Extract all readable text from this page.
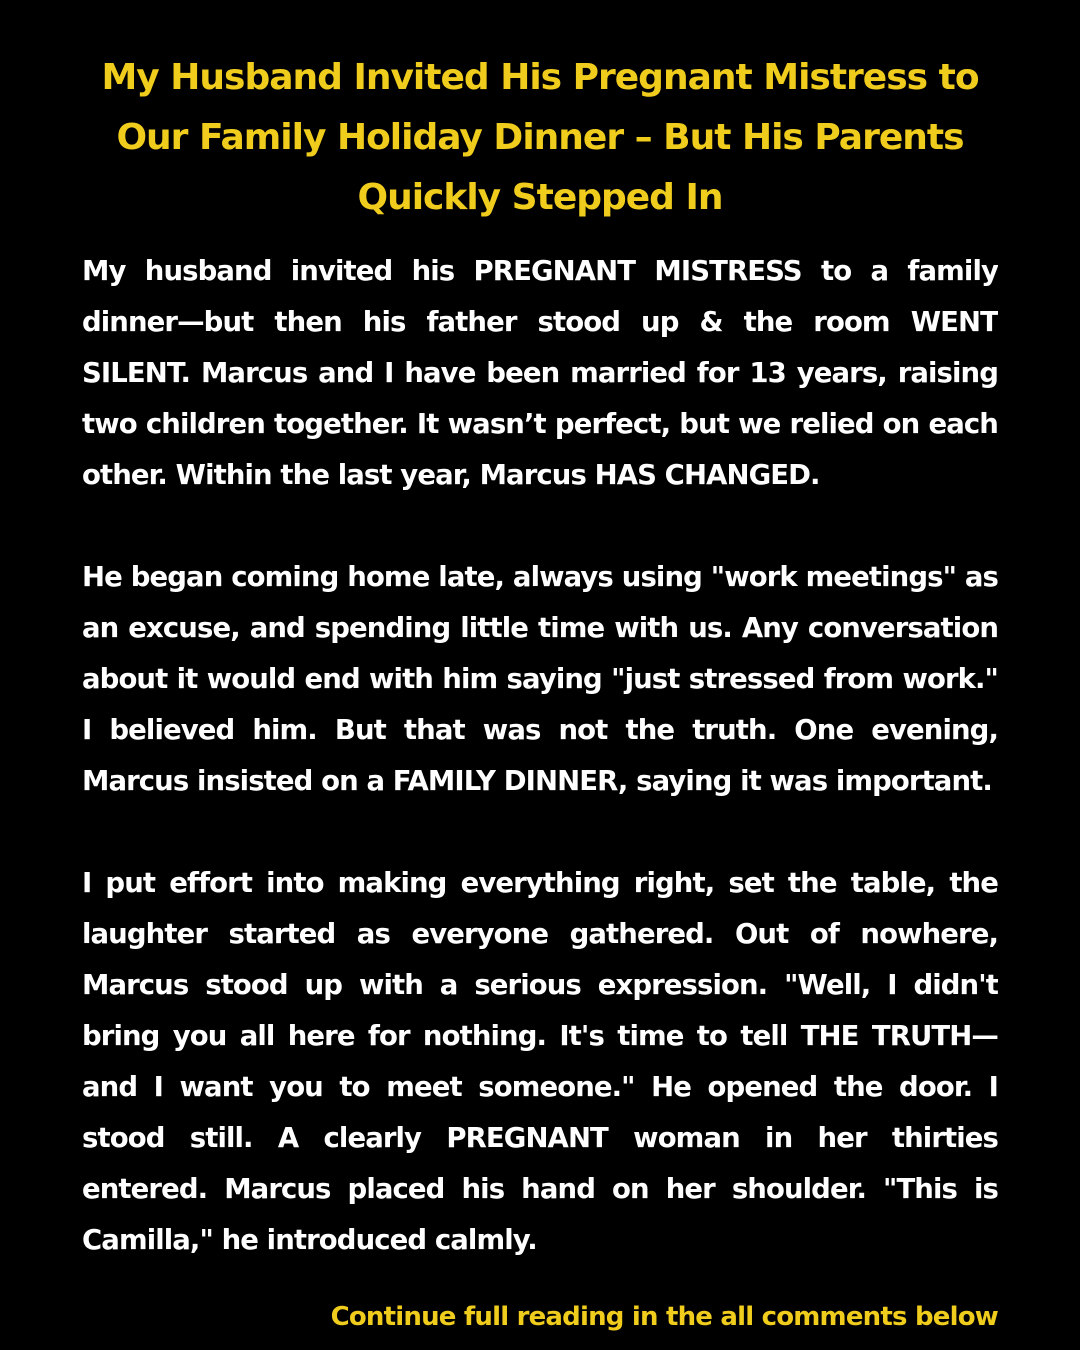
My Husband Invited His Pregnant Mistress to Our Family Holiday Dinner – But His Parents Quickly Stepped In

My husband invited his PREGNANT MISTRESS to a family dinner—but then his father stood up & the room WENT SILENT. Marcus and I have been married for 13 years, raising two children together. It wasn’t perfect, but we relied on each other. Within the last year, Marcus HAS CHANGED.

He began coming home late, always using "work meetings" as an excuse, and spending little time with us. Any conversation about it would end with him saying "just stressed from work." I believed him. But that was not the truth. One evening, Marcus insisted on a FAMILY DINNER, saying it was important.

I put effort into making everything right, set the table, the laughter started as everyone gathered. Out of nowhere, Marcus stood up with a serious expression. "Well, I didn't bring you all here for nothing. It's time to tell THE TRUTH—and I want you to meet someone." He opened the door. I stood still. A clearly PREGNANT woman in her thirties entered. Marcus placed his hand on her shoulder. "This is Camilla," he introduced calmly.

Continue full reading in the all comments below
